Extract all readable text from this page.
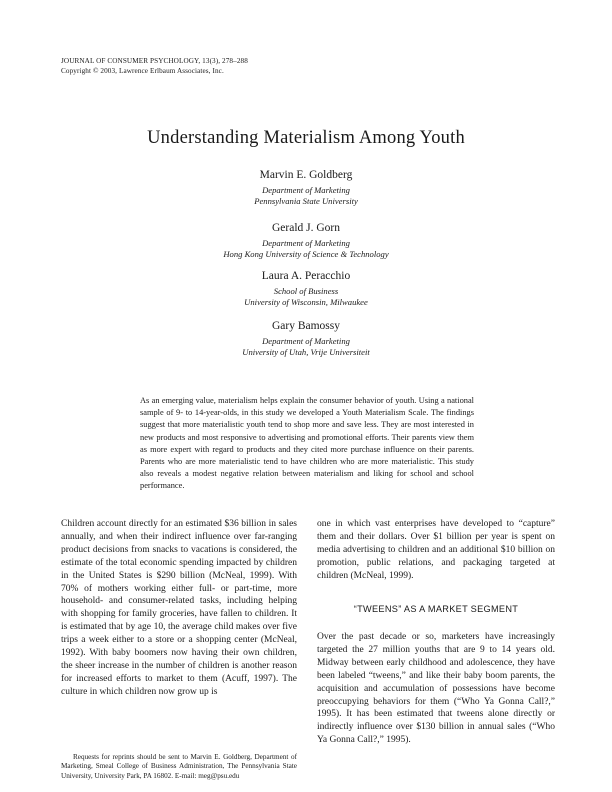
JOURNAL OF CONSUMER PSYCHOLOGY, 13(3), 278–288
Copyright © 2003, Lawrence Erlbaum Associates, Inc.
Understanding Materialism Among Youth
Marvin E. Goldberg
Department of Marketing
Pennsylvania State University
Gerald J. Gorn
Department of Marketing
Hong Kong University of Science & Technology
Laura A. Peracchio
School of Business
University of Wisconsin, Milwaukee
Gary Bamossy
Department of Marketing
University of Utah, Vrije Universiteit
As an emerging value, materialism helps explain the consumer behavior of youth. Using a national sample of 9- to 14-year-olds, in this study we developed a Youth Materialism Scale. The findings suggest that more materialistic youth tend to shop more and save less. They are most interested in new products and most responsive to advertising and promotional efforts. Their parents view them as more expert with regard to products and they cited more purchase influence on their parents. Parents who are more materialistic tend to have children who are more materialistic. This study also reveals a modest negative relation between materialism and liking for school and school performance.
Children account directly for an estimated $36 billion in sales annually, and when their indirect influence over far-ranging product decisions from snacks to vacations is considered, the estimate of the total economic spending impacted by children in the United States is $290 billion (McNeal, 1999). With 70% of mothers working either full- or part-time, more household- and consumer-related tasks, including helping with shopping for family groceries, have fallen to children. It is estimated that by age 10, the average child makes over five trips a week either to a store or a shopping center (McNeal, 1992). With baby boomers now having their own children, the sheer increase in the number of children is another reason for increased efforts to market to them (Acuff, 1997). The culture in which children now grow up is
one in which vast enterprises have developed to “capture” them and their dollars. Over $1 billion per year is spent on media advertising to children and an additional $10 billion on promotion, public relations, and packaging targeted at children (McNeal, 1999).
“TWEENS” AS A MARKET SEGMENT
Over the past decade or so, marketers have increasingly targeted the 27 million youths that are 9 to 14 years old. Midway between early childhood and adolescence, they have been labeled “tweens,” and like their baby boom parents, the acquisition and accumulation of possessions have become preoccupying behaviors for them (“Who Ya Gonna Call?,” 1995). It has been estimated that tweens alone directly or indirectly influence over $130 billion in annual sales (“Who Ya Gonna Call?,” 1995).
Requests for reprints should be sent to Marvin E. Goldberg, Department of Marketing, Smeal College of Business Administration, The Pennsylvania State University, University Park, PA 16802. E-mail: meg@psu.edu
